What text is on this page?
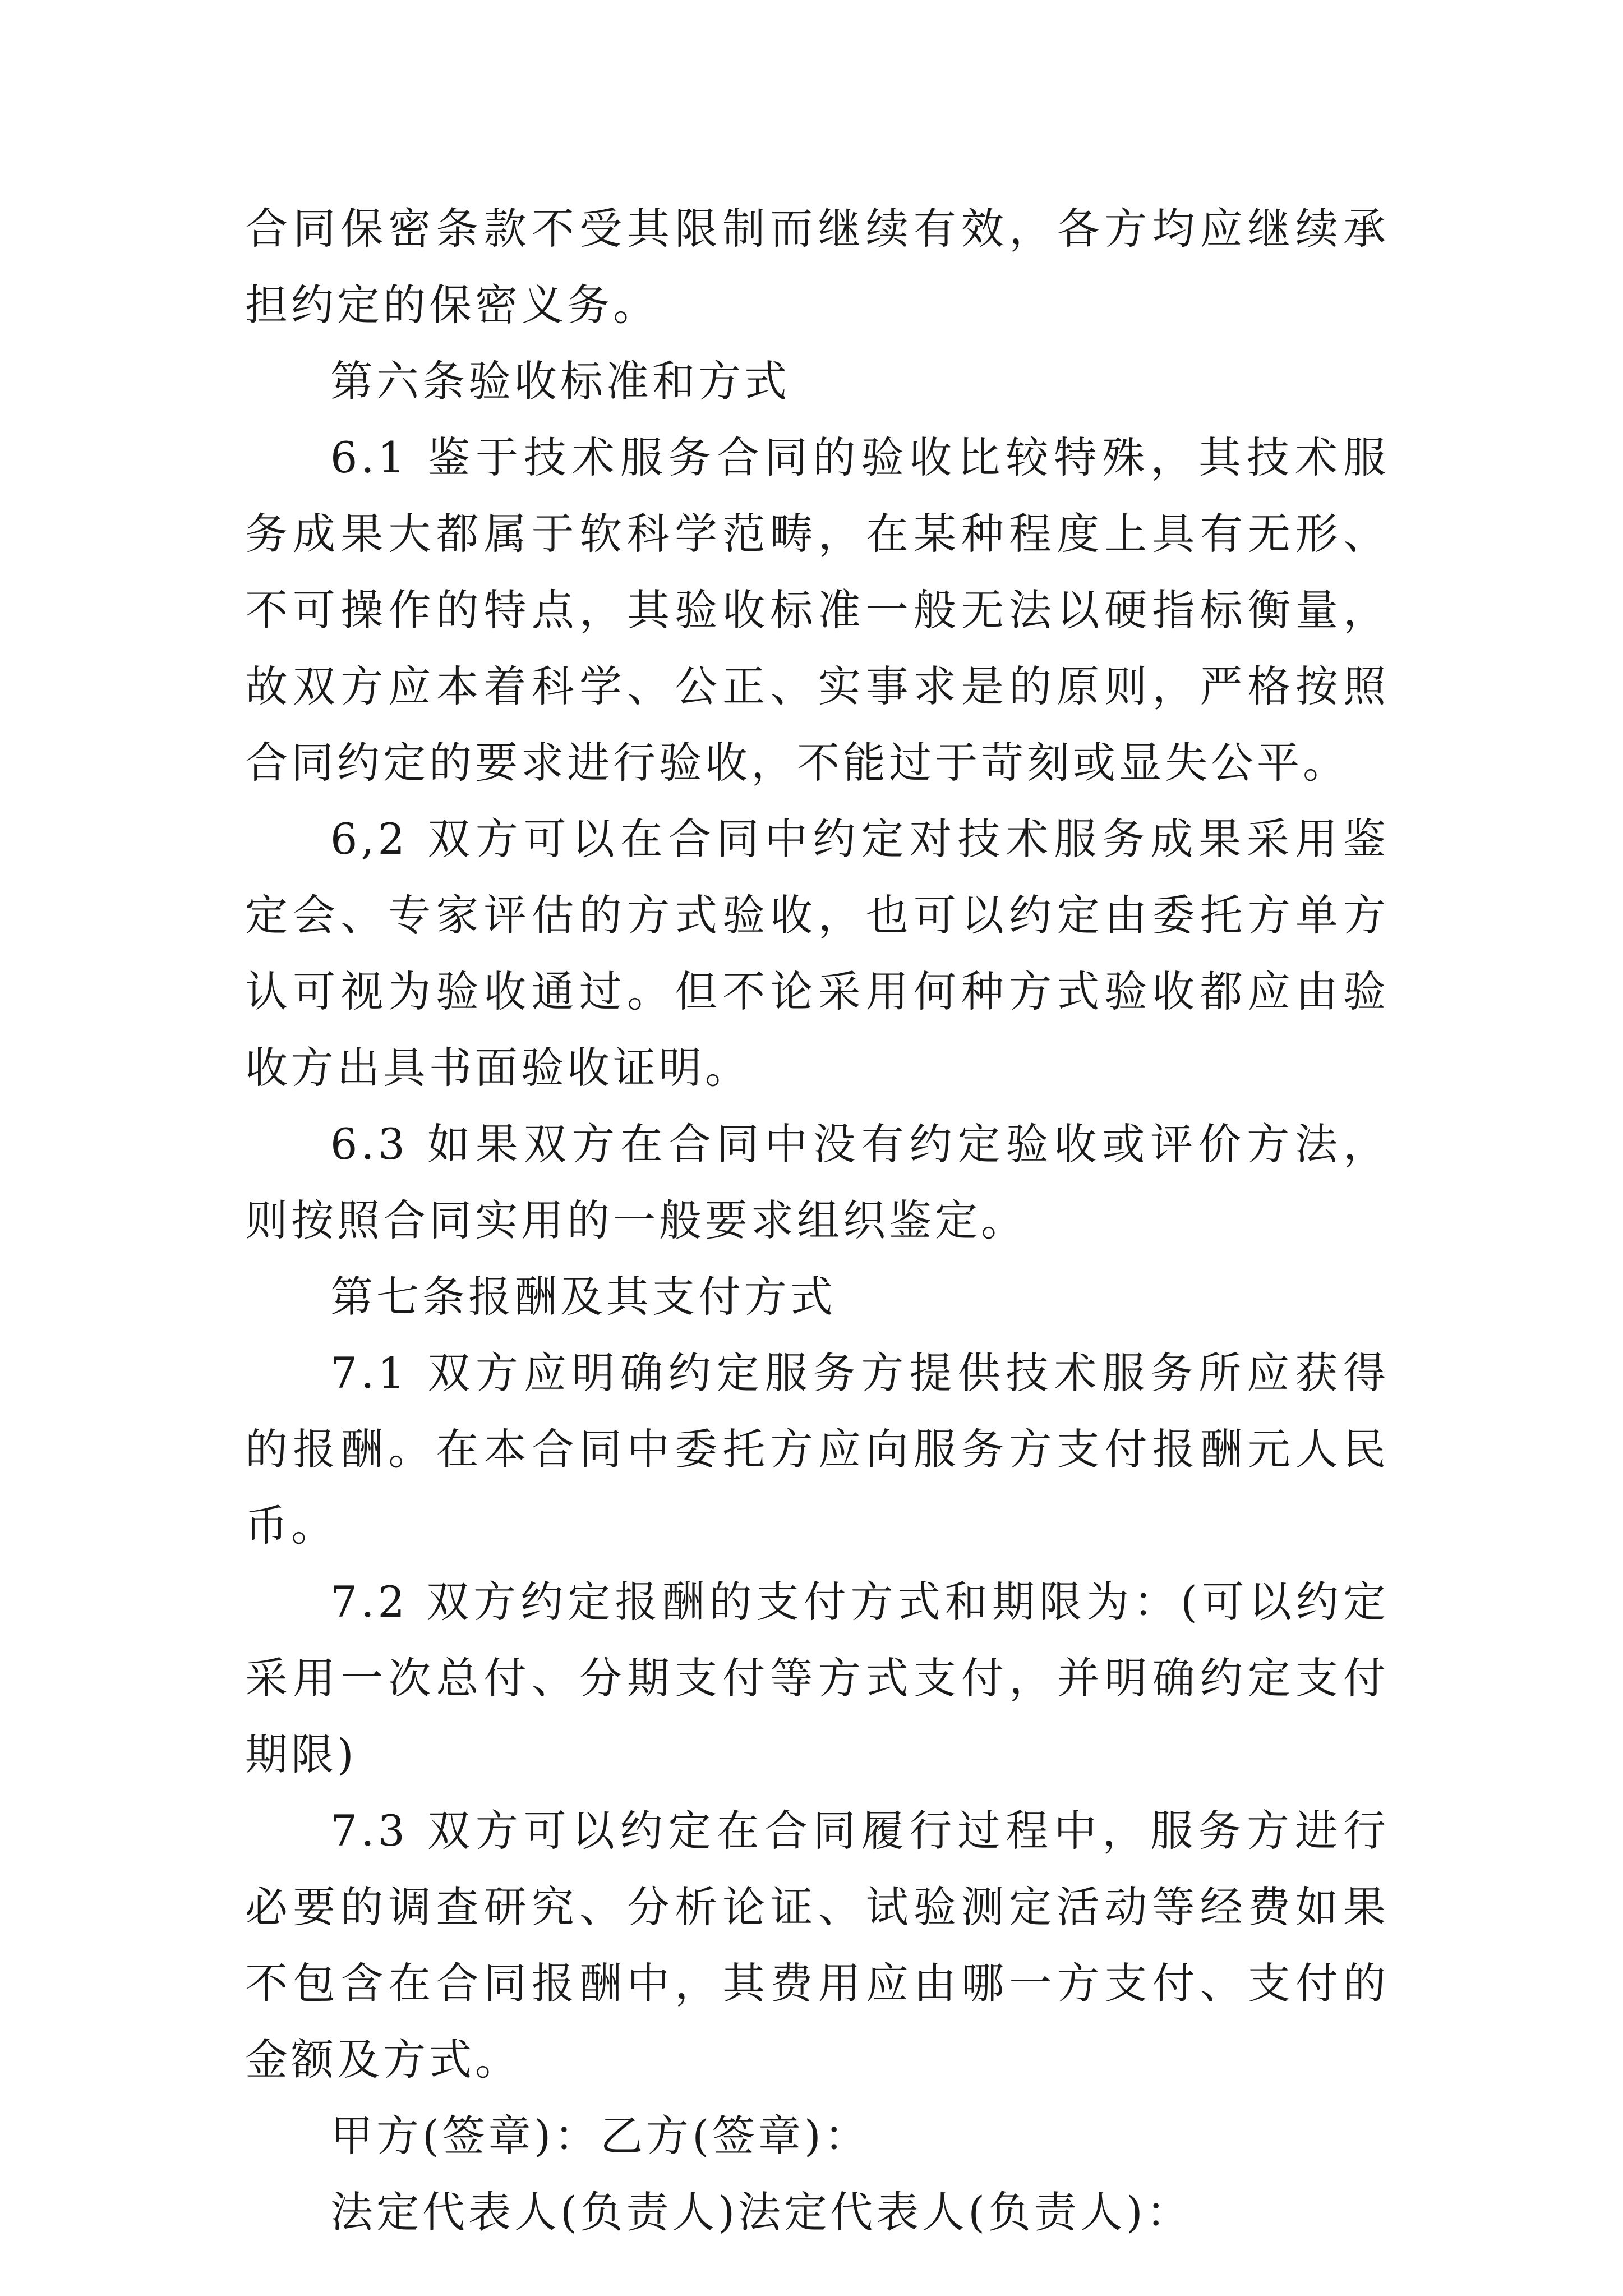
合同保密条款不受其限制而继续有效，各方均应继续承担约定的保密义务。

第六条验收标准和方式

6.1 鉴于技术服务合同的验收比较特殊，其技术服务成果大都属于软科学范畴，在某种程度上具有无形、不可操作的特点，其验收标准一般无法以硬指标衡量，故双方应本着科学、公正、实事求是的原则，严格按照合同约定的要求进行验收，不能过于苛刻或显失公平。

6,2 双方可以在合同中约定对技术服务成果采用鉴定会、专家评估的方式验收，也可以约定由委托方单方认可视为验收通过。但不论采用何种方式验收都应由验收方出具书面验收证明。

6.3 如果双方在合同中没有约定验收或评价方法，则按照合同实用的一般要求组织鉴定。

第七条报酬及其支付方式

7.1 双方应明确约定服务方提供技术服务所应获得的报酬。在本合同中委托方应向服务方支付报酬元人民币。

7.2 双方约定报酬的支付方式和期限为：(可以约定采用一次总付、分期支付等方式支付，并明确约定支付期限)

7.3 双方可以约定在合同履行过程中，服务方进行必要的调查研究、分析论证、试验测定活动等经费如果不包含在合同报酬中，其费用应由哪一方支付、支付的金额及方式。

甲方(签章)：乙方(签章)：

法定代表人(负责人)法定代表人(负责人)：
